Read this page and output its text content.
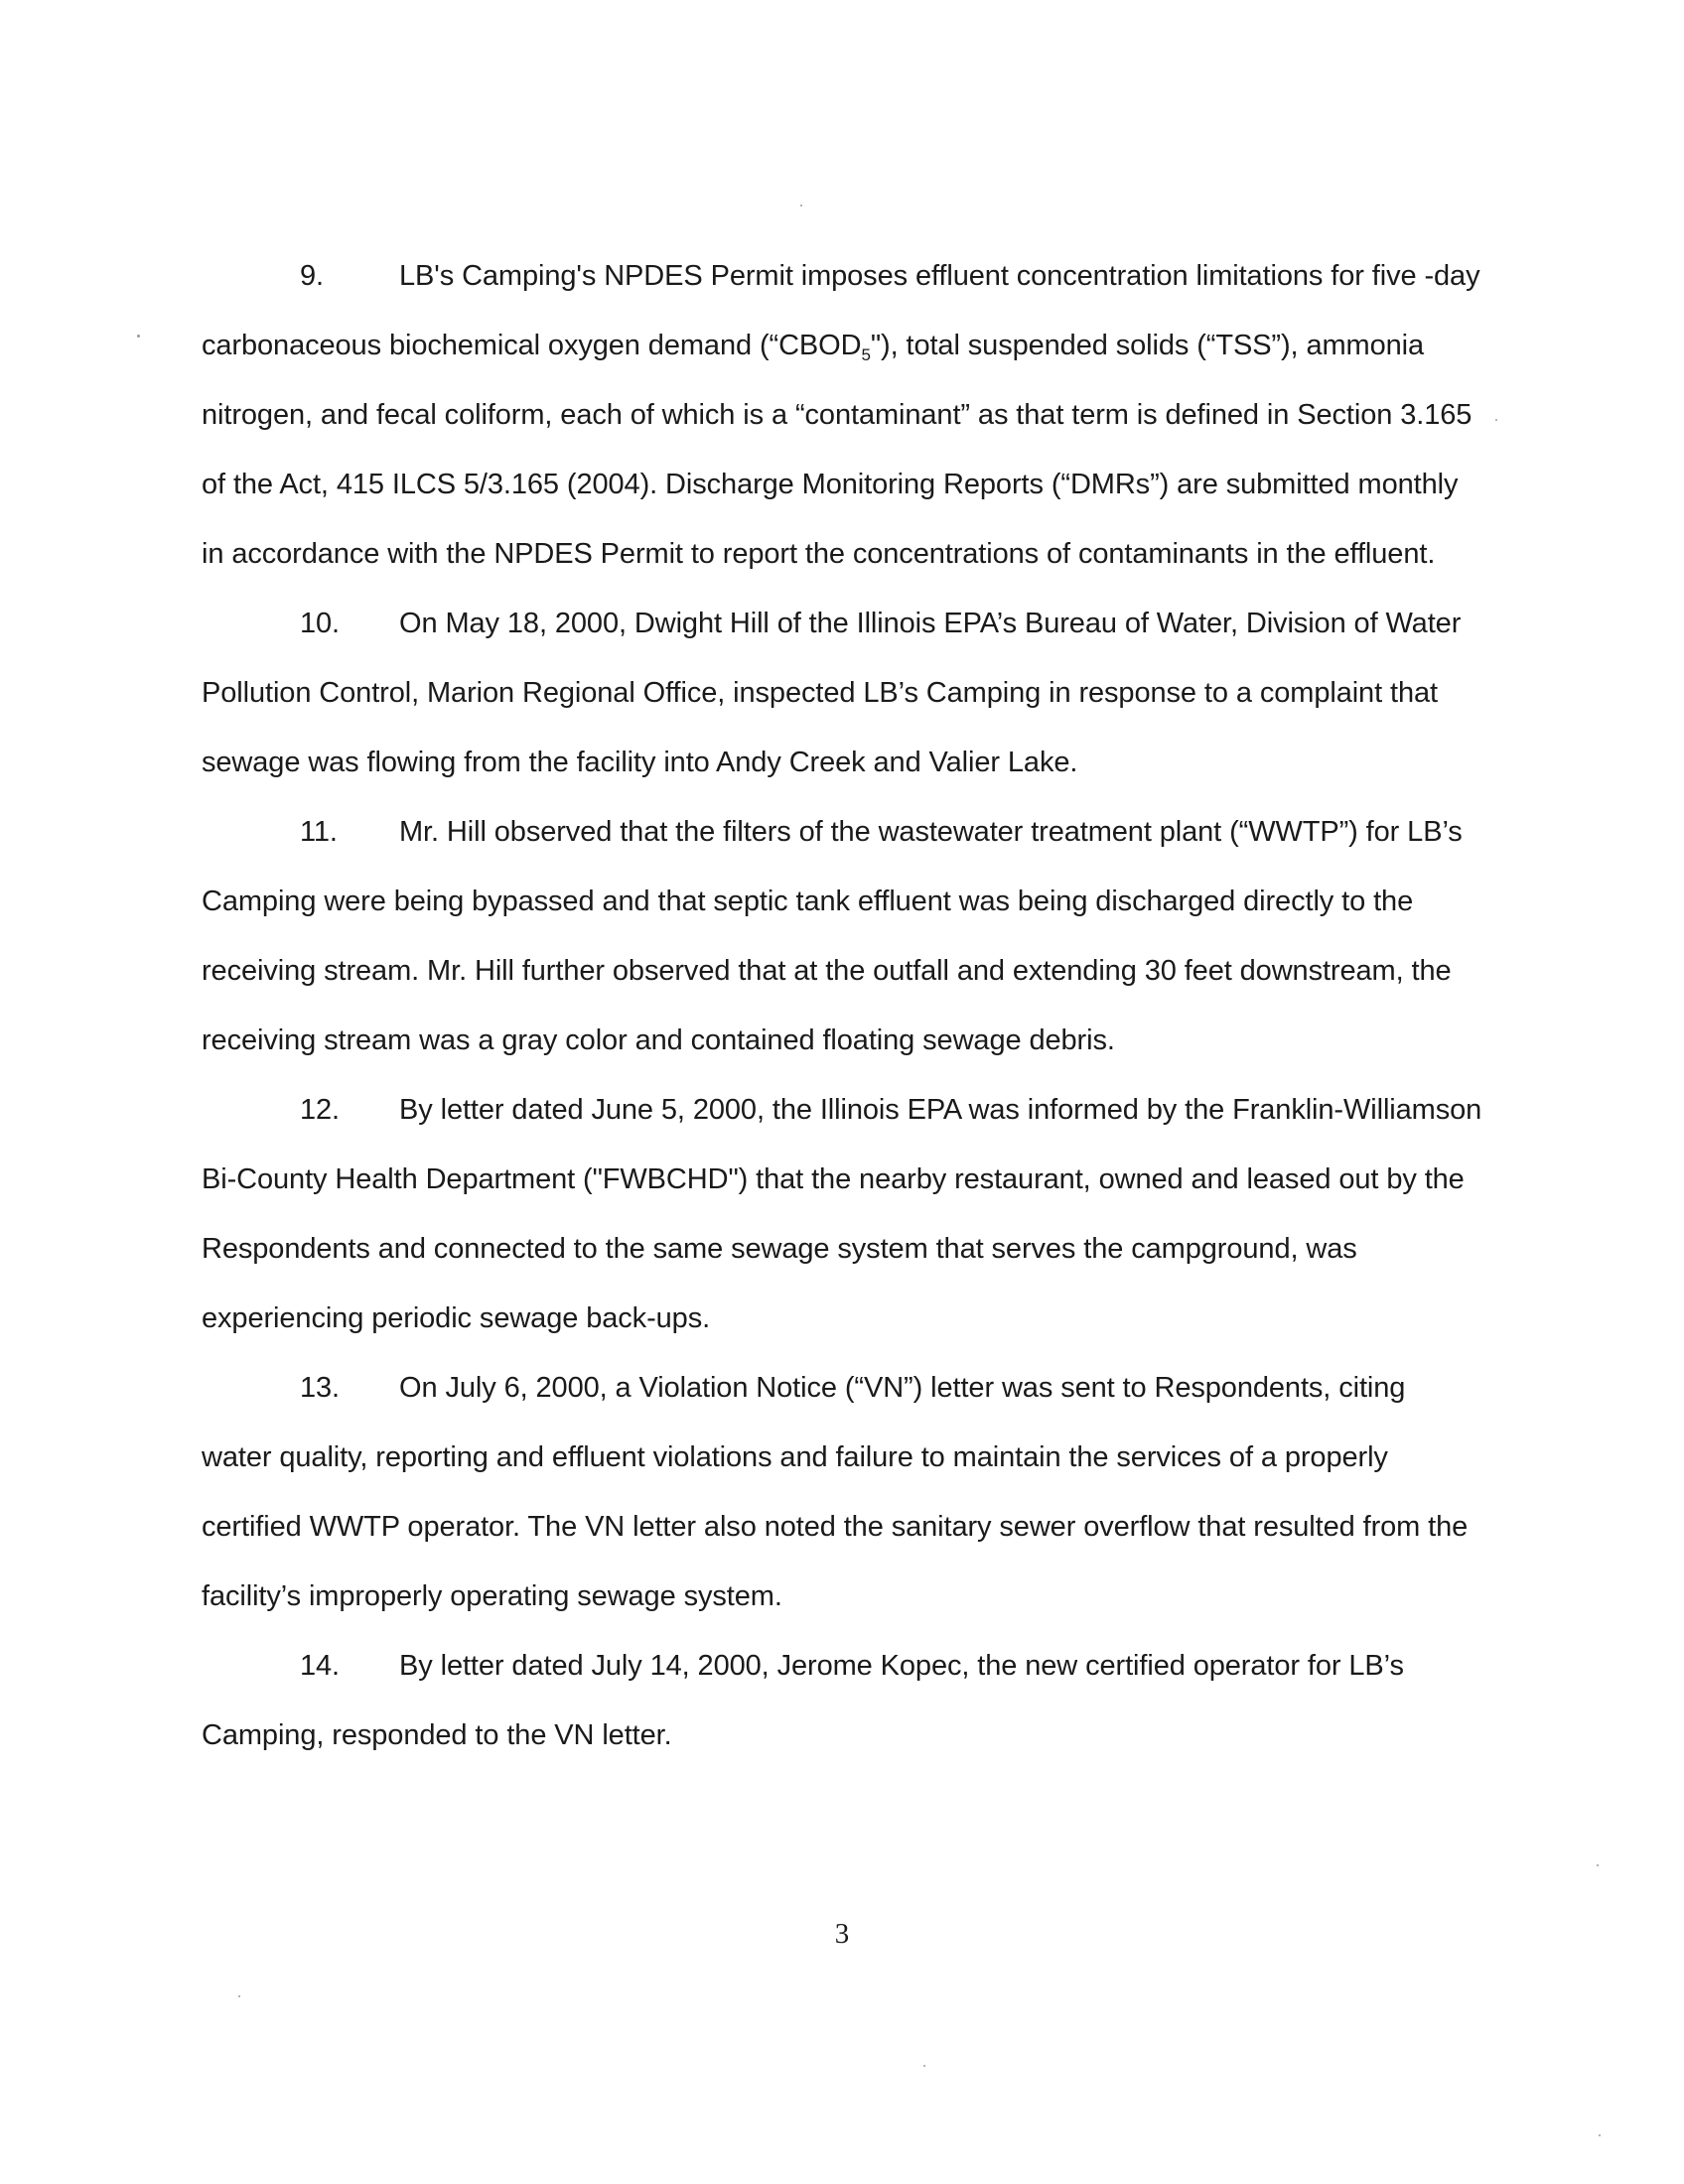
9.	LB's Camping's NPDES Permit imposes effluent concentration limitations for five -day carbonaceous biochemical oxygen demand $(“CBOD_5")$, total suspended solids (“TSS”), ammonia nitrogen, and fecal coliform, each of which is a “contaminant” as that term is defined in Section 3.165 of the Act, 415 ILCS 5/3.165 (2004). Discharge Monitoring Reports (“DMRs”) are submitted monthly in accordance with the NPDES Permit to report the concentrations of contaminants in the effluent.

10. On May 18, 2000, Dwight Hill of the Illinois EPA’s Bureau of Water, Division of Water Pollution Control, Marion Regional Office, inspected LB’s Camping in response to a complaint that sewage was flowing from the facility into Andy Creek and Valier Lake.

11. Mr. Hill observed that the filters of the wastewater treatment plant (“WWTP”) for LB’s Camping were being bypassed and that septic tank effluent was being discharged directly to the receiving stream. Mr. Hill further observed that at the outfall and extending 30 feet downstream, the receiving stream was a gray color and contained floating sewage debris.

12. By letter dated June 5, 2000, the Illinois EPA was informed by the Franklin-Williamson Bi-County Health Department ("FWBCHD") that the nearby restaurant, owned and leased out by the Respondents and connected to the same sewage system that serves the campground, was experiencing periodic sewage back-ups.

13. On July 6, 2000, a Violation Notice (“VN”) letter was sent to Respondents, citing water quality, reporting and effluent violations and failure to maintain the services of a properly certified WWTP operator. The VN letter also noted the sanitary sewer overflow that resulted from the facility’s improperly operating sewage system.

14. By letter dated July 14, 2000, Jerome Kopec, the new certified operator for LB’s Camping, responded to the VN letter.

3
